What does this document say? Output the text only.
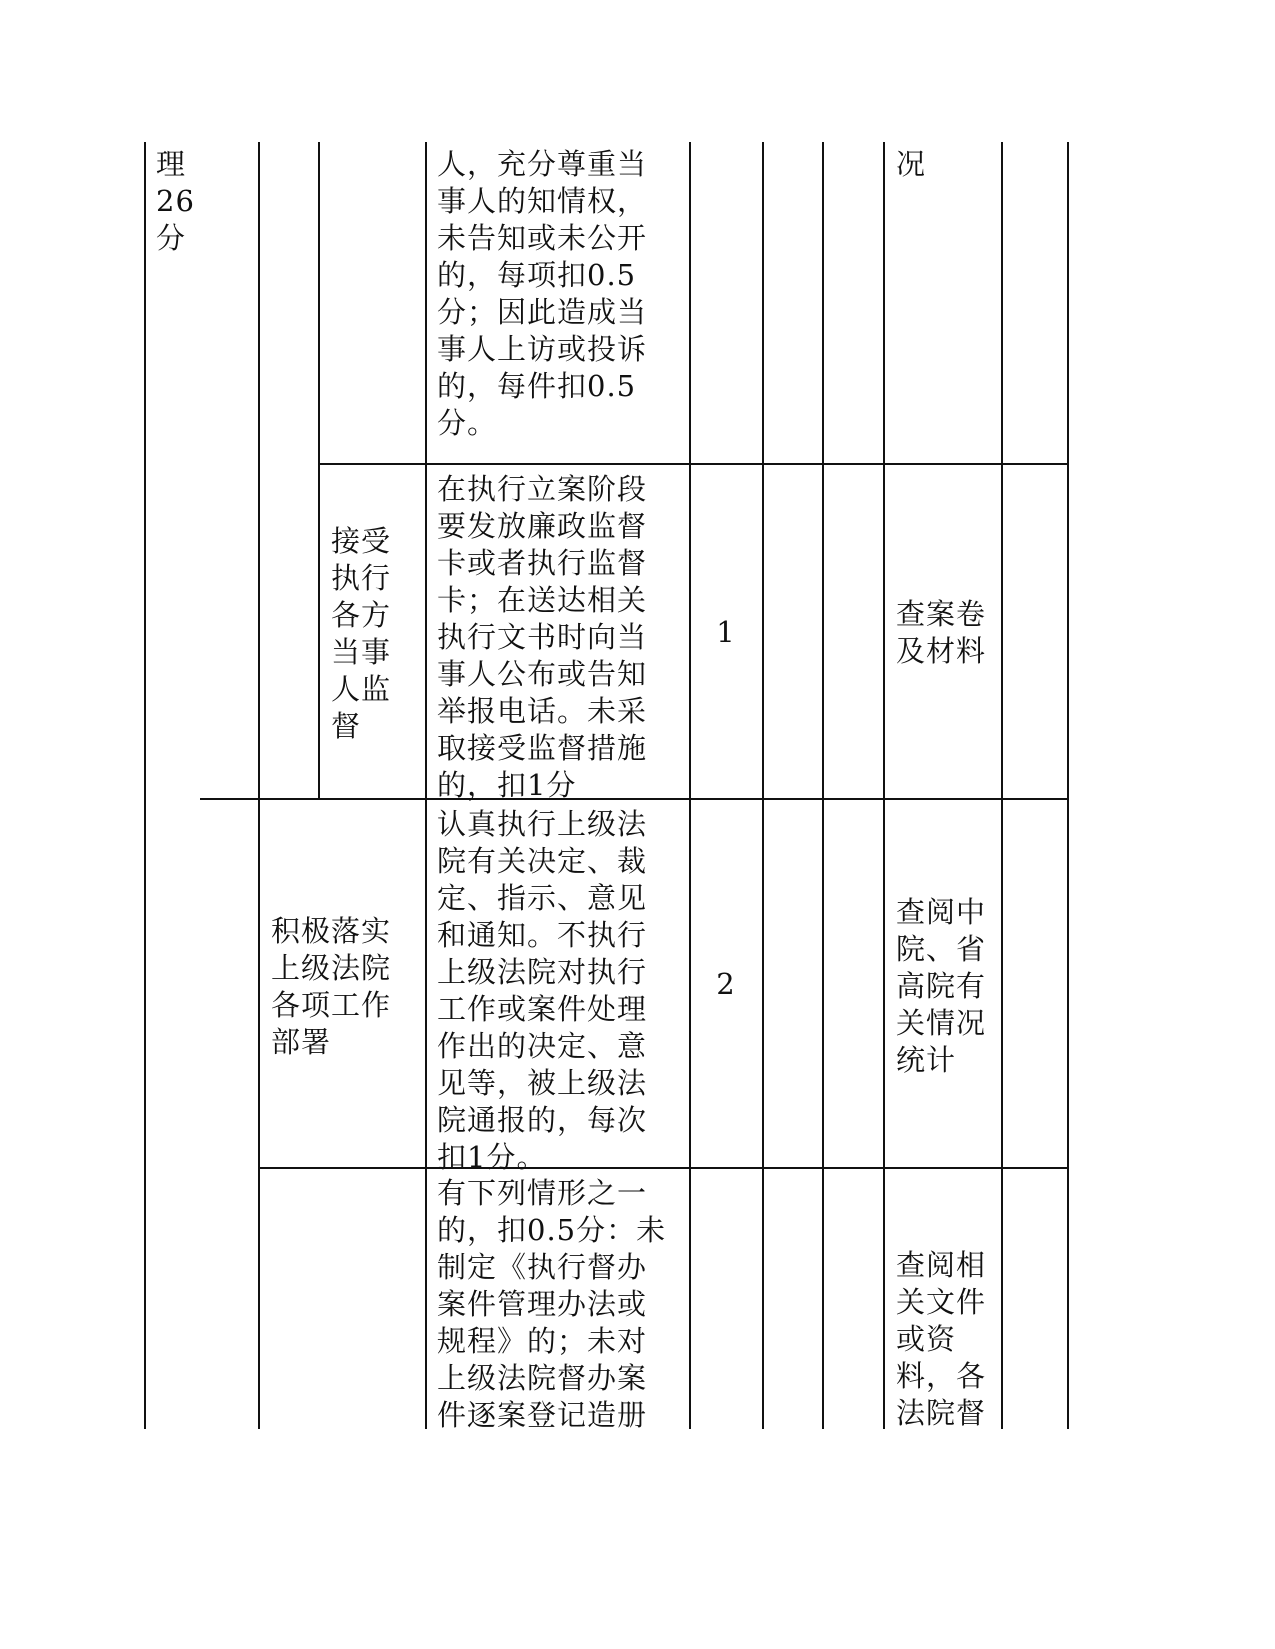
理
26
分
人，充分尊重当
事人的知情权，
未告知或未公开
的，每项扣0.5
分；因此造成当
事人上访或投诉
的，每件扣0.5
分。
况
接受
执行
各方
当事
人监
督
在执行立案阶段
要发放廉政监督
卡或者执行监督
卡；在送达相关
执行文书时向当
事人公布或告知
举报电话。未采
取接受监督措施
的，扣1分
1
查案卷
及材料
积极落实
上级法院
各项工作
部署
认真执行上级法
院有关决定、裁
定、指示、意见
和通知。不执行
上级法院对执行
工作或案件处理
作出的决定、意
见等，被上级法
院通报的，每次
扣1分。
2
查阅中
院、省
高院有
关情况
统计
有下列情形之一
的，扣0.5分：未
制定《执行督办
案件管理办法或
规程》的；未对
上级法院督办案
件逐案登记造册
查阅相
关文件
或资
料，各
法院督
